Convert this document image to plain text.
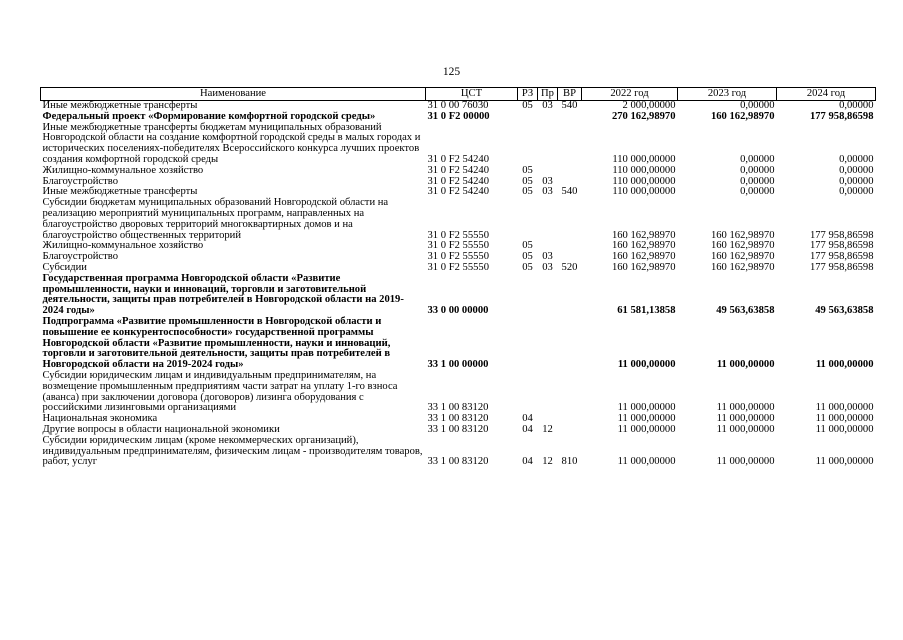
125
Наименование	ЦСТ	РЗ	Пр	ВР	2022 год	2023 год	2024 год
Иные межбюджетные трансферты	31 0 00 76030	05	03	540	2 000,00000	0,00000	0,00000
Федеральный проект «Формирование комфортной городской среды»	31 0 F2 00000				270 162,98970	160 162,98970	177 958,86598
Иные межбюджетные трансферты бюджетам муниципальных образований Новгородской области на создание комфортной городской среды в малых городах и исторических поселениях-победителях Всероссийского конкурса лучших проектов создания комфортной городской среды	31 0 F2 54240				110 000,00000	0,00000	0,00000
Жилищно-коммунальное хозяйство	31 0 F2 54240	05			110 000,00000	0,00000	0,00000
Благоустройство	31 0 F2 54240	05	03		110 000,00000	0,00000	0,00000
Иные межбюджетные трансферты	31 0 F2 54240	05	03	540	110 000,00000	0,00000	0,00000
Субсидии бюджетам муниципальных образований Новгородской области на реализацию мероприятий муниципальных программ, направленных на благоустройство дворовых территорий многоквартирных домов и на благоустройство общественных территорий	31 0 F2 55550				160 162,98970	160 162,98970	177 958,86598
Жилищно-коммунальное хозяйство	31 0 F2 55550	05			160 162,98970	160 162,98970	177 958,86598
Благоустройство	31 0 F2 55550	05	03		160 162,98970	160 162,98970	177 958,86598
Субсидии	31 0 F2 55550	05	03	520	160 162,98970	160 162,98970	177 958,86598
Государственная программа Новгородской области «Развитие промышленности, науки и инноваций, торговли и заготовительной деятельности, защиты прав потребителей в Новгородской области на 2019-2024 годы»	33 0 00 00000				61 581,13858	49 563,63858	49 563,63858
Подпрограмма «Развитие промышленности в Новгородской области и повышение ее конкурентоспособности» государственной программы Новгородской области «Развитие промышленности, науки и инноваций, торговли и заготовительной деятельности, защиты прав потребителей в Новгородской области на 2019-2024 годы»	33 1 00 00000				11 000,00000	11 000,00000	11 000,00000
Субсидии юридическим лицам и индивидуальным предпринимателям, на возмещение промышленным предприятиям части затрат на уплату 1-го взноса (аванса) при заключении договора (договоров) лизинга оборудования с российскими лизинговыми организациями	33 1 00 83120				11 000,00000	11 000,00000	11 000,00000
Национальная экономика	33 1 00 83120	04			11 000,00000	11 000,00000	11 000,00000
Другие вопросы в области национальной экономики	33 1 00 83120	04	12		11 000,00000	11 000,00000	11 000,00000
Субсидии юридическим лицам (кроме некоммерческих организаций), индивидуальным предпринимателям, физическим лицам - производителям товаров, работ, услуг	33 1 00 83120	04	12	810	11 000,00000	11 000,00000	11 000,00000
